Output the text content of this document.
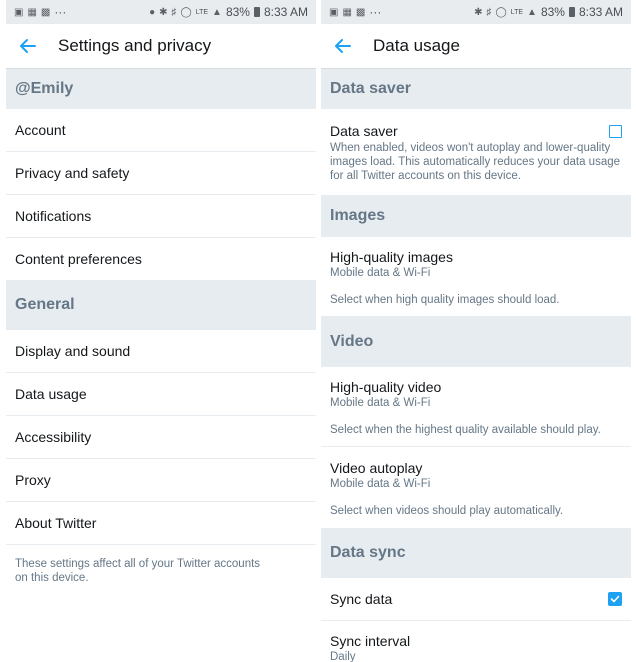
▣ ▦ ▩ ···	● ✱ ♯ ◯ LTE ▲ 83% 8:33 AM
Settings and privacy
@Emily
Account
Privacy and safety
Notifications
Content preferences
General
Display and sound
Data usage
Accessibility
Proxy
About Twitter
These settings affect all of your Twitter accounts on this device.
▣ ▦ ▩ ···	✱ ♯ ◯ LTE ▲ 83% 8:33 AM
Data usage
Data saver
Data saver
When enabled, videos won't autoplay and lower-quality images load. This automatically reduces your data usage for all Twitter accounts on this device.
Images
High-quality images
Mobile data & Wi-Fi
Select when high quality images should load.
Video
High-quality video
Mobile data & Wi-Fi
Select when the highest quality available should play.
Video autoplay
Mobile data & Wi-Fi
Select when videos should play automatically.
Data sync
Sync data
Sync interval
Daily
